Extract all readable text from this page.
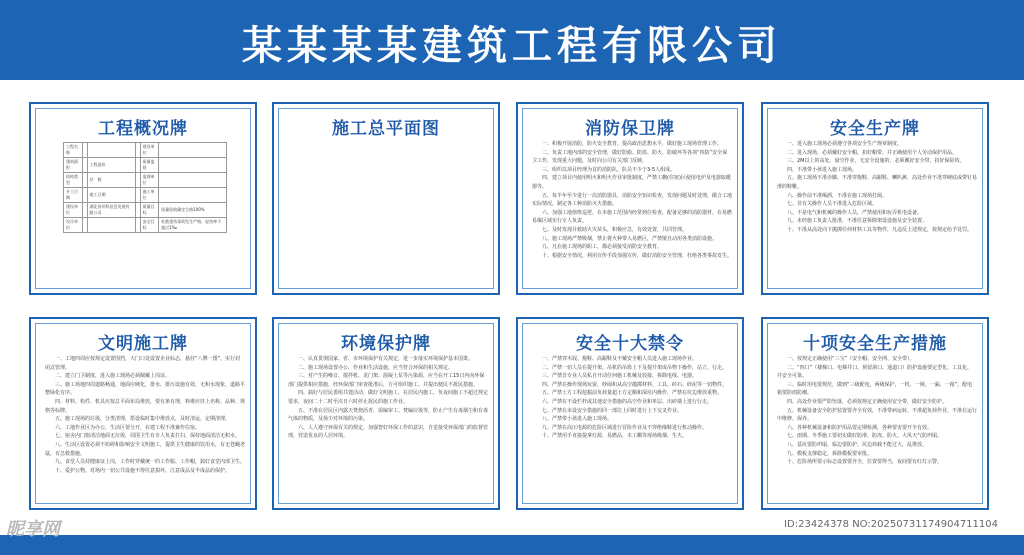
某某某某建筑工程有限公司
工程概况牌
工程名称				建设单位	
建筑面积		工程造价		质量监督	
结构类型		层　数		监理单位	
开工日期		竣工日期		施工单位	
建设单位		湖北省环科信息发展有限公司		质量目标	质量验收确定合格100%
设计单位				安全目标	杜绝重伤事故发生严格，轻伤率不超过1‰
施工总平面图	消防保卫牌

一、积极开展消防，防火安全教育，提高政治思想水平，做好施工现场管理工作。

二、负责工地内部的安全管理，做好防偷、防盗、防火、防破坏等各项“四防”安全保卫工作，发现重大问题，及时向公司有关部门反映。

三、组织以项目经理为首的消防队，队员不少于3-5人组成。

四、建立项目内使用明火和明火作业审批制度，严禁工棚(住宿)区使用电炉及电器取暖器等。

五、每半年至少进行一次消防器具、消防安全知识检查，发现问题及时处理，做合工地实际情况，制定各工种消防灭火措施。

六、加强工地值班巡逻，在本施工范围内经常到位检查，配备足够的消防器材，在易燃易爆区域实行专人负责。

七、及时发现并救助火灾苗头，积极应急，有效处置，共同管理。

八、施工现场严禁吸烟，禁止将火种带入易燃区，严禁擅自动用各类消防设施。

九、凡在施工现场的职工，都必须接受消防安全教育。

十、根据安全情况，利用宣传手段加强宣传，做好消防安全管理，杜绝各类事故发生。

安全生产牌

一、进入施工现场必须遵守各项安全生产规章制度。

二、进入现场，必须戴好安全帽，扣好帽带，并正确使用个人劳动保护用品。

三、2M以上的高处、悬空作业，无安全设施的，必须戴好安全带，扣好保险钩。

四、不准带小孩进入施工现场。

五、施工现场不准赤脚、不准穿拖鞋、高跟鞋、喇叭裤，高处作业不准穿硬底或带钉易滑的鞋靴。

六、操作前不准喝酒，不准在施工现场打闹。

七、非有关操作人员不准进入危险区域。

八、不是电气和机械的操作人员，严禁使用和玩弄机电设备。

九、未经施工负责人批准，不准任意拆除架设设施及安全装置。

十、不准从高处向下抛掷任何材料工具等物件，凡违反上述规定，按规定给予处罚。

文明施工牌

一、工地四周应按规定设置围挡，大门口处设置企业标志，悬挂“八牌一图”，实行封闭式管理。

二、建立门卫制度，进入施工现场必须佩戴上岗证。

三、施工场地四周道路畅通，地面应硬化，排水、排污设施有效，无积水现象，道路平整绿化有序。

四、材料、构件、机具应按总平面布局堆放，要有条有理，料堆应挂上名称、品种、规格等标牌。

五、施工现场的垃圾，分类清理，搭设临时集中堆放点，及时清运，定期清理。

六、工地作业区为办公，生活区要分开，在建工程不准兼作住宿。

七、宿舍内门窗清洁地面无垃圾，周围卫生有专人负责打扫，保持地面清洁无积水。

八、生活区设置必须不妨碍和影响安全文明施工，提供卫生健康的饮用水，有无苍蝇老鼠，有急救措施。

九、食堂人员持健康证上岗，工作时穿戴统一的工作服、工作帽，搞好食堂内部卫生。

十、爱护公物，对场内一切公共设施不得任意损坏，注意成品及半成品的保护。

环境保护牌

一、认真贯彻国家、省、市环境保护有关规定，进一步落实环境保护基本国策。

二、施工现场设置办公、作业和生活设施，应当符合环保的相关规定。

三、对产生的噪音、搅拌机、龙门架、混凝土泵等污染源，应当在开工15日内向环保部门提供相应措施，经环保部门审查批准后，方可组织施工，并提出便民不扰民措施。

四、搞好与居民委组共建活动，做好文明施工，在居民内施工，负夜间施工不超过规定要求，夜间二十二时至次日六时停止扰民的施工作业。

五、不准在居民区内露天焚烧沥青，需编审工、焚编垃圾等，防止产生有毒烟尘和有毒气体的物质，及扬尘对环境的污染。

六、人人遵守环保有关的规定，加强智好环保工作的意识，自觉接受环保部门的监督管理，营造优良的人居环境。

安全十大禁令

一、严禁穿木屐、拖鞋、高跟鞋及不戴安全帽人员进入施工现场作业。

二、严禁一切人员在提升架、吊机的吊篮上下及提升架或吊物下操作，站立、行走。

三、严禁非专业人员私自开动任何施工机械及驳接、拆除电线、电器。

四、严禁在操作现场玩耍、吵闹和从高空抛掷材料、工具、砖石、砂泥等一切物件。

五、严禁土方工程挖掘前负荷量超土方定额和深坑内操作，严禁在坑边堆放重物。

六、严禁在不设栏杆或其他安全措施的高空作业和单层、出砖墙上进行行走。

七、严禁在未设安全措施的同一部位上同时进行上下交叉作业。

八、严禁带小孩进入施工现场。

九、严禁在高压电源的危险区域进行冒险作业及不穿绝缘鞋进行机动操作。

十、严禁用手直接提拿灯源，易燃品，木工棚等现场吸烟，生火。

十项安全生产措施

一、按规定正确使用“三宝”（安全帽、安全网、安全带）。

二、“四口”（楼梯口、电梯井口、预留洞口、通道口）防护设施要定型化、工具化，并安全可靠。

三、临时用电要规范，做到“三级配电，两级保护，一机、一闸、一漏、一箱”，配电箱要防雨防潮。

四、高处作业要严防坠落，必须按规定正确使用安全带，做好安全防护。

五、机械设备安全防护装置要齐全有效，不准带病运转，不准超负荷作业，不准在运行中维修、保养。

六、各种机械设备和防护用品要定期检测，各种要害要开全有效。

七、雨期、冬季施工要切实做好防滑、防冻、防火、大风天气防坍塌。

八、基坑要防坍塌，临边要防护，坑边荷载不能过大，乱堆放。

九、模板支撑稳定，拆除模板要审批。

十、危险场所要示标志设置要齐全，位置要得当，夜间要有红灯示警。

昵享网	ID:23424378 NO:20250731174904711104
